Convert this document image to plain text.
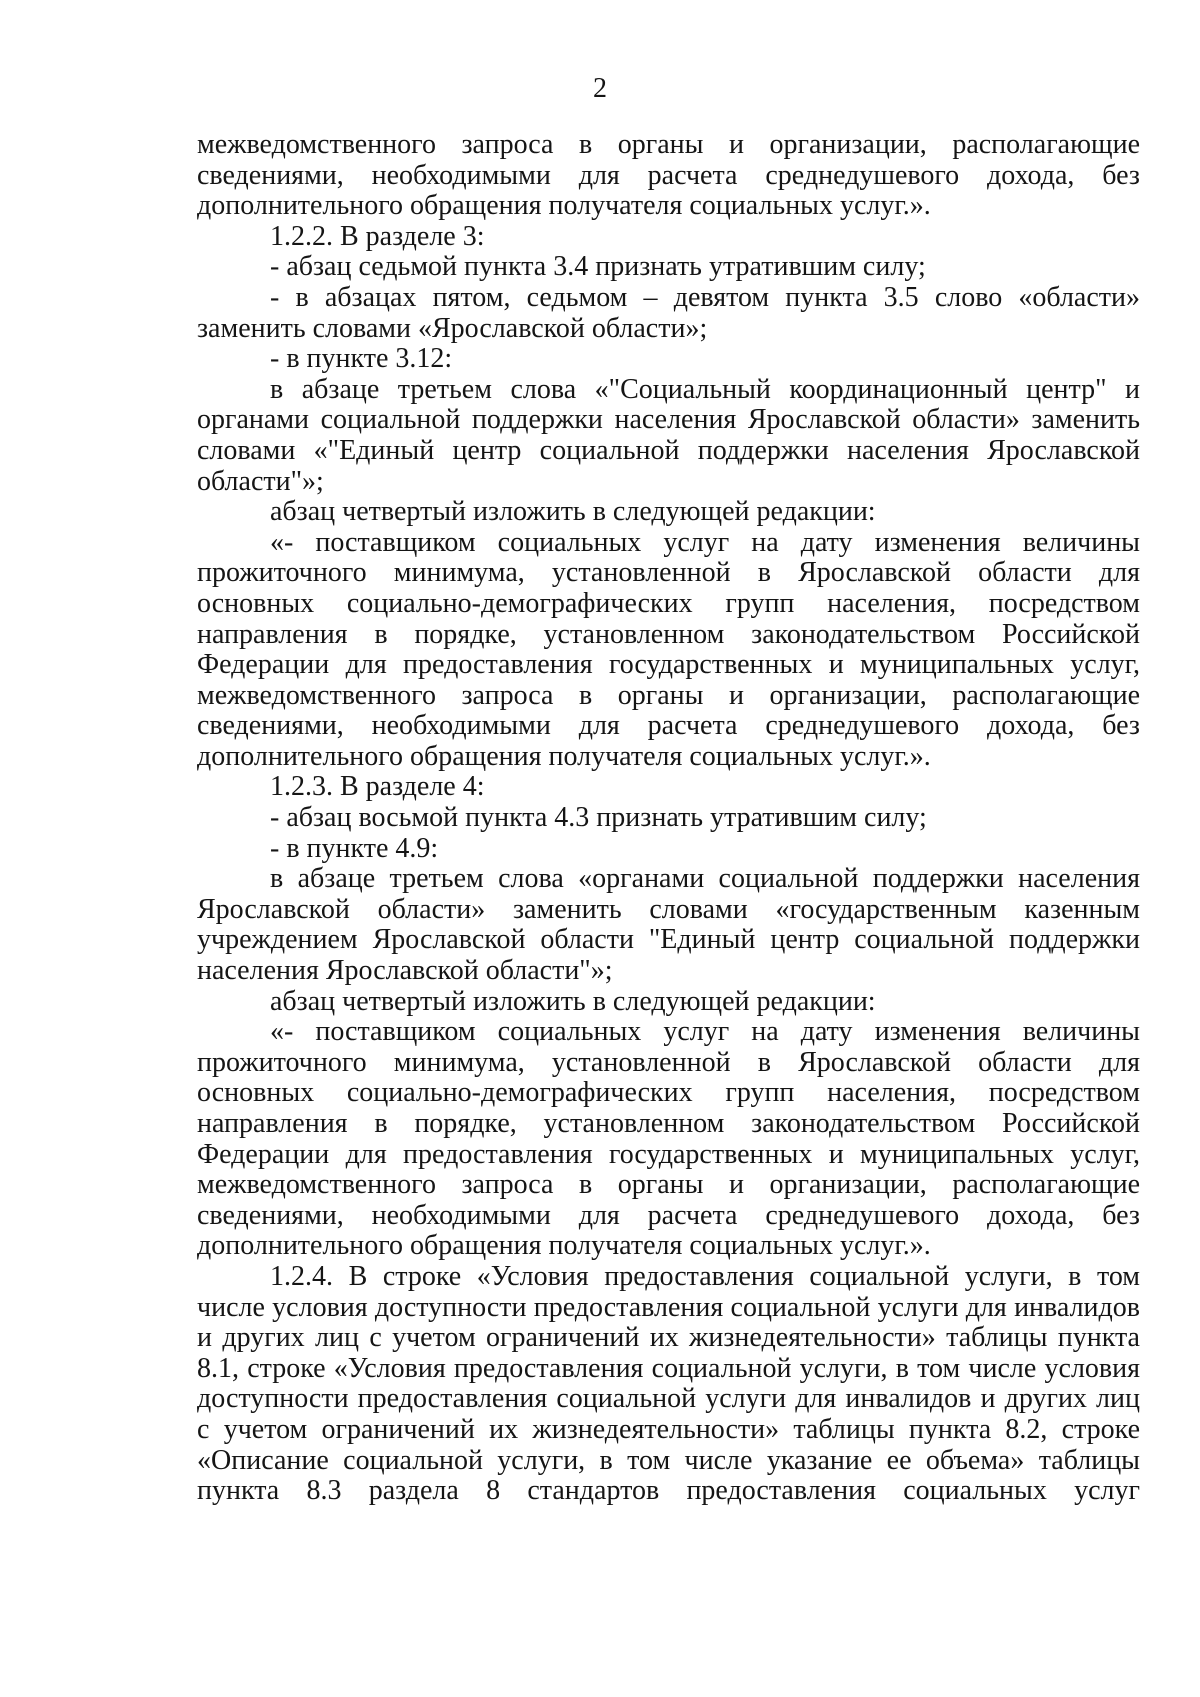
2
межведомственного запроса в органы и организации, располагающие
сведениями, необходимыми для расчета среднедушевого дохода, без
дополнительного обращения получателя социальных услуг.».
1.2.2. В разделе 3:
- абзац седьмой пункта 3.4 признать утратившим силу;
- в абзацах пятом, седьмом – девятом пункта 3.5 слово «области»
заменить словами «Ярославской области»;
- в пункте 3.12:
в абзаце третьем слова «"Социальный координационный центр" и
органами социальной поддержки населения Ярославской области» заменить
словами «"Единый центр социальной поддержки населения Ярославской
области"»;
абзац четвертый изложить в следующей редакции:
«- поставщиком социальных услуг на дату изменения величины
прожиточного минимума, установленной в Ярославской области для
основных социально-демографических групп населения, посредством
направления в порядке, установленном законодательством Российской
Федерации для предоставления государственных и муниципальных услуг,
межведомственного запроса в органы и организации, располагающие
сведениями, необходимыми для расчета среднедушевого дохода, без
дополнительного обращения получателя социальных услуг.».
1.2.3. В разделе 4:
- абзац восьмой пункта 4.3 признать утратившим силу;
- в пункте 4.9:
в абзаце третьем слова «органами социальной поддержки населения
Ярославской области» заменить словами «государственным казенным
учреждением Ярославской области "Единый центр социальной поддержки
населения Ярославской области"»;
абзац четвертый изложить в следующей редакции:
«- поставщиком социальных услуг на дату изменения величины
прожиточного минимума, установленной в Ярославской области для
основных социально-демографических групп населения, посредством
направления в порядке, установленном законодательством Российской
Федерации для предоставления государственных и муниципальных услуг,
межведомственного запроса в органы и организации, располагающие
сведениями, необходимыми для расчета среднедушевого дохода, без
дополнительного обращения получателя социальных услуг.».
1.2.4. В строке «Условия предоставления социальной услуги, в том
числе условия доступности предоставления социальной услуги для инвалидов
и других лиц с учетом ограничений их жизнедеятельности» таблицы пункта
8.1, строке «Условия предоставления социальной услуги, в том числе условия
доступности предоставления социальной услуги для инвалидов и других лиц
с учетом ограничений их жизнедеятельности» таблицы пункта 8.2, строке
«Описание социальной услуги, в том числе указание ее объема» таблицы
пункта 8.3 раздела 8 стандартов предоставления социальных услуг
